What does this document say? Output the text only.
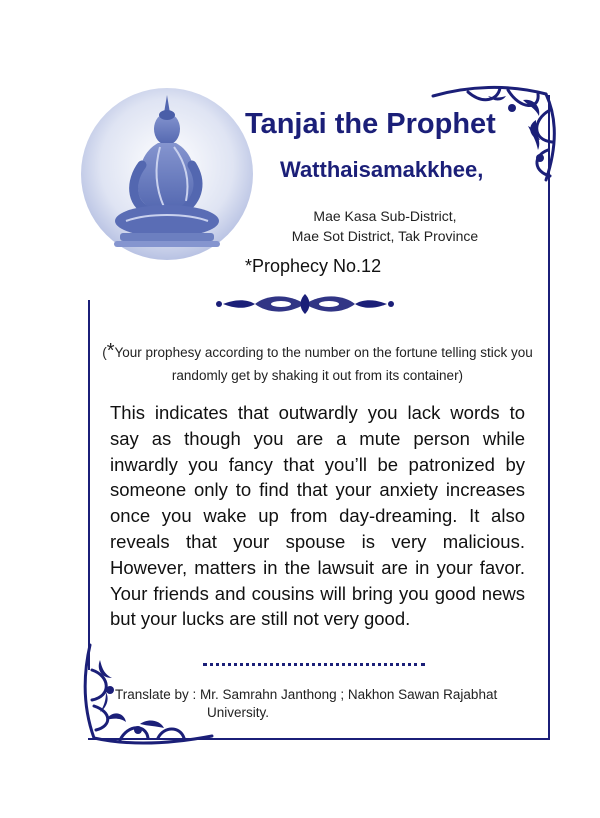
Tanjai the Prophet
Watthaisamakkhee,
Mae Kasa Sub-District,
Mae Sot District, Tak Province
*Prophecy No.12
(*Your prophesy according to the number on the fortune telling stick you randomly get by shaking it out from its container)
This indicates that outwardly you lack words to say as though you are a mute person while inwardly you fancy that you’ll be patronized by someone only to find that your anxiety increases once you wake up from day-dreaming. It also reveals that your spouse is very malicious. However, matters in the lawsuit are in your favor. Your friends and cousins will bring you good news but your lucks are still not very good.
Translate by : Mr. Samrahn Janthong ; Nakhon Sawan Rajabhat
University.
